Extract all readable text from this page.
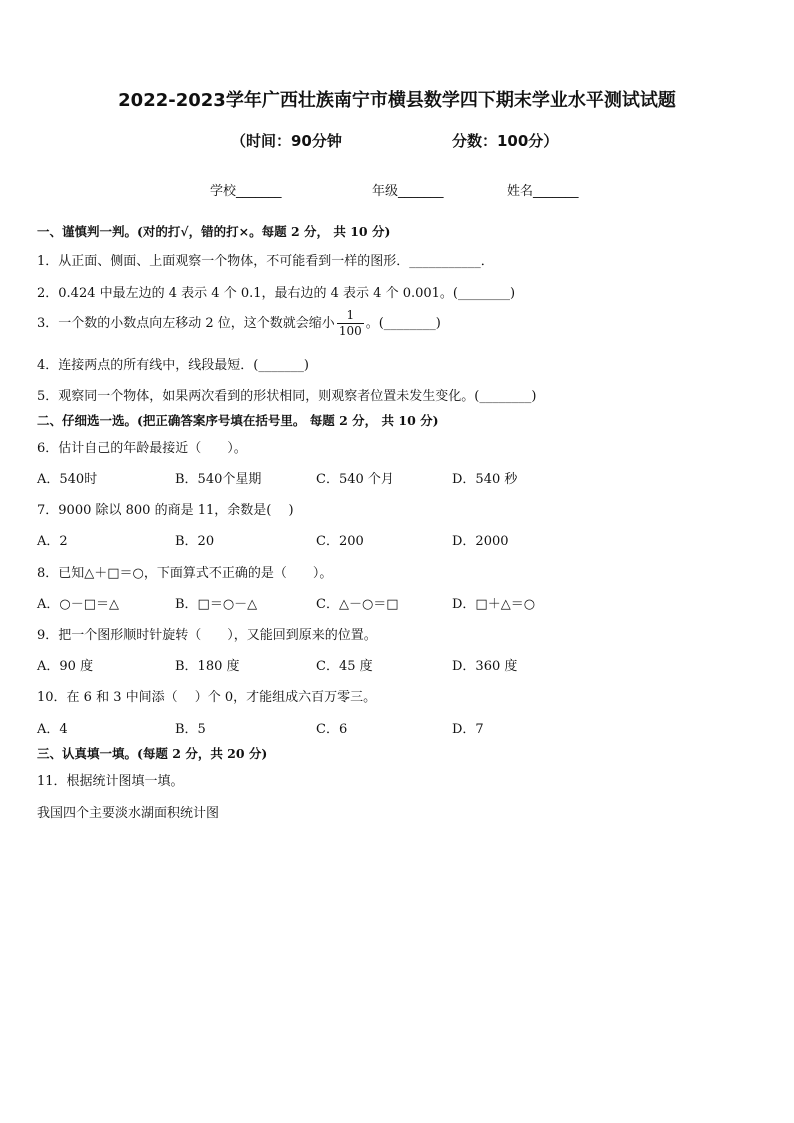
2022-2023学年广西壮族南宁市横县数学四下期末学业水平测试试题
（时间：90分钟	分数：100分）
学校_______	年级_______	姓名_______
一、谨慎判一判。(对的打√，错的打×。每题 2 分， 共 10 分)
1．从正面、侧面、上面观察一个物体，不可能看到一样的图形．___________．
2．0.424 中最左边的 4 表示 4 个 0.1，最右边的 4 表示 4 个 0.001。(________)
3．一个数的小数点向左移动 2 位，这个数就会缩小 $\frac{1}{100}$ 。(________)
4．连接两点的所有线中，线段最短．(_______)
5．观察同一个物体，如果两次看到的形状相同，则观察者位置未发生变化。(________)
二、仔细选一选。(把正确答案序号填在括号里。 每题 2 分， 共 10 分)
6．估计自己的年龄最接近（　　）。
A．540时	B．540个星期	C．540 个月	D．540 秒
7．9000 除以 800 的商是 11，余数是(　 )
A．2	B．20	C．200	D．2000
8．已知△＋□＝○，下面算式不正确的是（　　）。
A．○－□＝△	B．□＝○－△	C．△－○＝□	D．□＋△＝○
9．把一个图形顺时针旋转（　　），又能回到原来的位置。
A．90 度	B．180 度	C．45 度	D．360 度
10．在 6 和 3 中间添（　 ）个 0，才能组成六百万零三。
A．4	B．5	C．6	D．7
三、认真填一填。(每题 2 分，共 20 分)
11．根据统计图填一填。
我国四个主要淡水湖面积统计图
